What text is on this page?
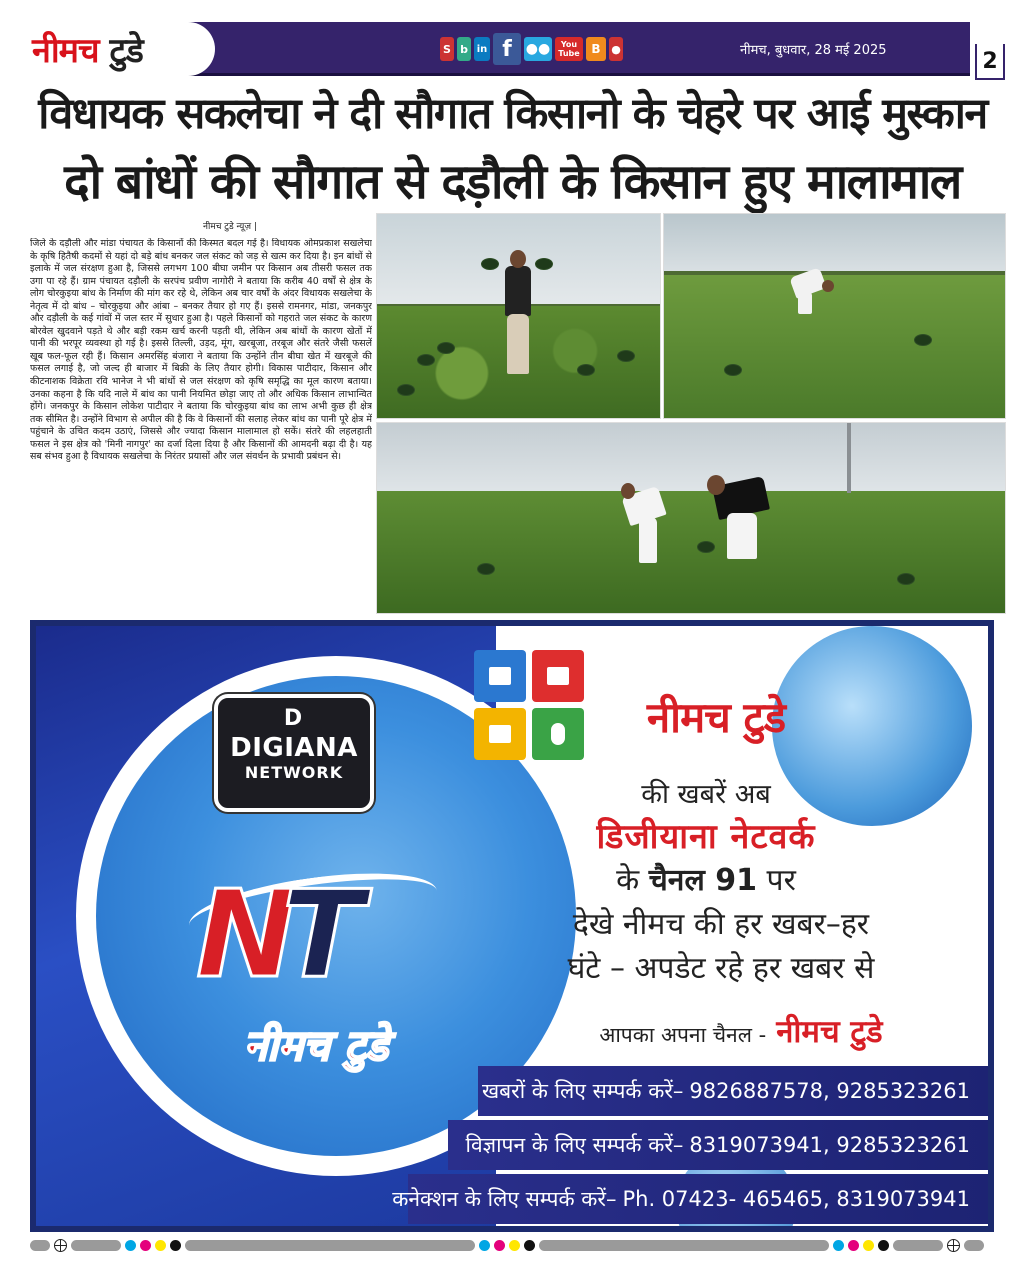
नीमच टुडे	S b in f	●●	You
Tube B ●	नीमच, बुधवार, 28 मई 2025	2
विधायक सकलेचा ने दी सौगात किसानो के चेहरे पर आई मुस्कान
दो बांधों की सौगात से दड़ौली के किसान हुए मालामाल
नीमच टुडे न्यूज़ |
जिले के दड़ौली और मांडा पंचायत के किसानों की किस्मत बदल गई है। विधायक ओमप्रकाश सखलेचा के कृषि हितैषी कदमों से यहां दो बड़े बांध बनकर जल संकट को जड़ से खत्म कर दिया है। इन बांधों से इलाके में जल संरक्षण हुआ है, जिससे लगभग 100 बीघा जमीन पर किसान अब तीसरी फसल तक उगा पा रहे हैं। ग्राम पंचायत दड़ौली के सरपंच प्रवीण नागोरी ने बताया कि करीब 40 वर्षों से क्षेत्र के लोग चोरकुइया बांध के निर्माण की मांग कर रहे थे, लेकिन अब चार वर्षों के अंदर विधायक सखलेचा के नेतृत्व में दो बांध – चोरकुइया और आंबा – बनकर तैयार हो गए हैं। इससे रामनगर, मांडा, जनकपुर और दड़ौली के कई गांवों में जल स्तर में सुधार हुआ है। पहले किसानों को गहराते जल संकट के कारण बोरवेल खुदवाने पड़ते थे और बड़ी रकम खर्च करनी पड़ती थी, लेकिन अब बांधों के कारण खेतों में पानी की भरपूर व्यवस्था हो गई है। इससे तिल्ली, उड़द, मूंग, खरबूजा, तरबूज और संतरे जैसी फसलें खूब फल-फूल रही हैं। किसान अमरसिंह बंजारा ने बताया कि उन्होंने तीन बीघा खेत में खरबूजे की फसल लगाई है, जो जल्द ही बाजार में बिक्री के लिए तैयार होगी। विकास पाटीदार, किसान और कीटनाशक विक्रेता रवि भानेज ने भी बांधों से जल संरक्षण को कृषि समृद्धि का मूल कारण बताया। उनका कहना है कि यदि नाले में बांध का पानी नियमित छोड़ा जाए तो और अधिक किसान लाभान्वित होंगे। जनकपुर के किसान लोकेश पाटीदार ने बताया कि चोरकुइया बांध का लाभ अभी कुछ ही क्षेत्र तक सीमित है। उन्होंने विभाग से अपील की है कि वे किसानों की सलाह लेकर बांध का पानी पूरे क्षेत्र में पहुंचाने के उचित कदम उठाएं, जिससे और ज्यादा किसान मालामाल हो सकें। संतरे की लहलहाती फसल ने इस क्षेत्र को 'मिनी नागपुर' का दर्जा दिला दिया है और किसानों की आमदनी बढ़ा दी है। यह सब संभव हुआ है विधायक सखलेचा के निरंतर प्रयासों और जल संवर्धन के प्रभावी प्रबंधन से।
D
DIGIANA
NETWORK
N
T
नीमच टुडे
नीमच टुडे
की खबरें अब
डिजीयाना नेटवर्क
के चैनल 91 पर
देखे नीमच की हर खबर–हर
घंटे – अपडेट रहे हर खबर से
आपका अपना चैनल - नीमच टुडे
खबरों के लिए सम्पर्क करें– 9826887578, 9285323261
विज्ञापन के लिए सम्पर्क करें– 8319073941, 9285323261
कनेक्शन के लिए सम्पर्क करें– Ph. 07423- 465465, 8319073941
